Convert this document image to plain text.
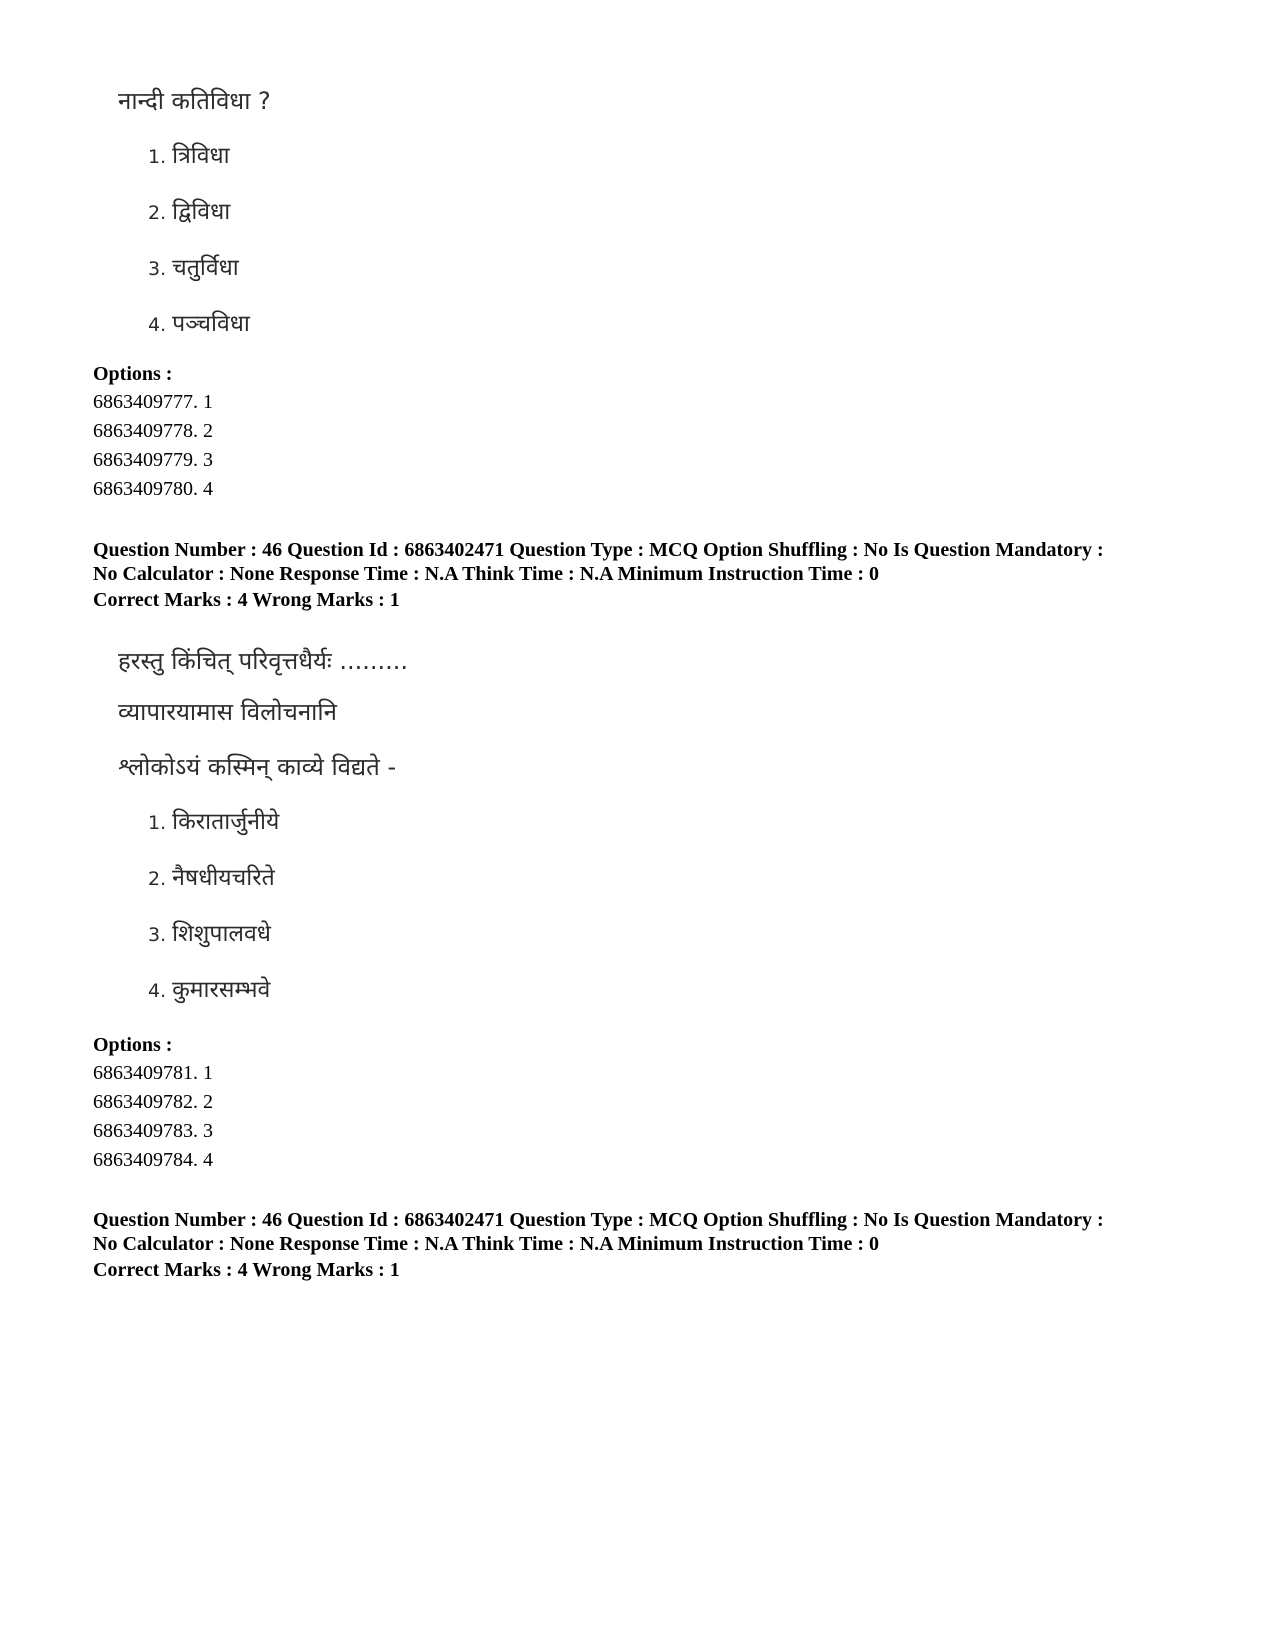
नान्दी कतिविधा ?
1. त्रिविधा
2. द्विविधा
3. चतुर्विधा
4. पञ्चविधा
Options :
6863409777. 1
6863409778. 2
6863409779. 3
6863409780. 4
Question Number : 46 Question Id : 6863402471 Question Type : MCQ Option Shuffling : No Is Question Mandatory :
No Calculator : None Response Time : N.A Think Time : N.A Minimum Instruction Time : 0
Correct Marks : 4 Wrong Marks : 1
हरस्तु किंचित् परिवृत्तधैर्यः .........
व्यापारयामास विलोचनानि
श्लोकोऽयं कस्मिन् काव्ये विद्यते -
1. किरातार्जुनीये
2. नैषधीयचरिते
3. शिशुपालवधे
4. कुमारसम्भवे
Options :
6863409781. 1
6863409782. 2
6863409783. 3
6863409784. 4
Question Number : 46 Question Id : 6863402471 Question Type : MCQ Option Shuffling : No Is Question Mandatory :
No Calculator : None Response Time : N.A Think Time : N.A Minimum Instruction Time : 0
Correct Marks : 4 Wrong Marks : 1
